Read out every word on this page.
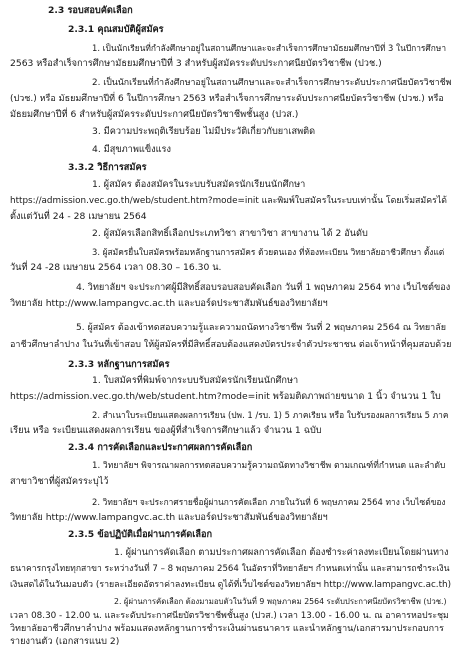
2.3 รอบสอบคัดเลือก
2.3.1 คุณสมบัติผู้สมัคร
1. เป็นนักเรียนที่กำลังศึกษาอยู่ในสถานศึกษาและจะสำเร็จการศึกษามัธยมศึกษาปีที่ 3 ในปีการศึกษา
2563 หรือสำเร็จการศึกษามัธยมศึกษาปีที่ 3 สำหรับผู้สมัครระดับประกาศนียบัตรวิชาชีพ (ปวช.)
2. เป็นนักเรียนที่กำลังศึกษาอยู่ในสถานศึกษาและจะสำเร็จการศึกษาระดับประกาศนียบัตรวิชาชีพ
(ปวช.) หรือ มัธยมศึกษาปีที่ 6 ในปีการศึกษา 2563 หรือสำเร็จการศึกษาระดับประกาศนียบัตรวิชาชีพ (ปวช.) หรือ
มัธยมศึกษาปีที่ 6 สำหรับผู้สมัครระดับประกาศนียบัตรวิชาชีพชั้นสูง (ปวส.)
3. มีความประพฤติเรียบร้อย ไม่มีประวัติเกี่ยวกับยาเสพติด
4. มีสุขภาพแข็งแรง
3.3.2 วิธีการสมัคร
1. ผู้สมัคร ต้องสมัครในระบบรับสมัครนักเรียนนักศึกษา
https://admission.vec.go.th/web/student.htm?mode=init และพิมพ์ใบสมัครในระบบเท่านั้น โดยเริ่มสมัครได้
ตั้งแต่วันที่ 24 - 28 เมษายน 2564
2. ผู้สมัครเลือกสิทธิ์เลือกประเภทวิชา สาขาวิชา สาขางาน ได้ 2 อันดับ
3. ผู้สมัครยื่นใบสมัครพร้อมหลักฐานการสมัคร ด้วยตนเอง ที่ห้องทะเบียน วิทยาลัยอาชีวศึกษา ตั้งแต่
วันที่ 24 -28 เมษายน 2564 เวลา 08.30 – 16.30 น.
4. วิทยาลัยฯ จะประกาศผู้มีสิทธิ์สอบรอบสอบคัดเลือก วันที่ 1 พฤษภาคม 2564 ทาง เว็บไซต์ของ
วิทยาลัย http://www.lampangvc.ac.th และบอร์ดประชาสัมพันธ์ของวิทยาลัยฯ
5. ผู้สมัคร ต้องเข้าทดสอบความรู้และความถนัดทางวิชาชีพ วันที่ 2 พฤษภาคม 2564 ณ วิทยาลัย
อาชีวศึกษาลำปาง ในวันที่เข้าสอบ ให้ผู้สมัครที่มีสิทธิ์สอบต้องแสดงบัตรประจำตัวประชาชน ต่อเจ้าหน้าที่คุมสอบด้วย
2.3.3 หลักฐานการสมัคร
1. ใบสมัครที่พิมพ์จากระบบรับสมัครนักเรียนนักศึกษา
https://admission.vec.go.th/web/student.htm?mode=init พร้อมติดภาพถ่ายขนาด 1 นิ้ว จำนวน 1 ใบ
2. สำเนาใบระเบียนแสดงผลการเรียน (ปพ. 1 /รบ. 1) 5 ภาคเรียน หรือ ใบรับรองผลการเรียน 5 ภาค
เรียน หรือ ระเบียนแสดงผลการเรียน ของผู้ที่สำเร็จการศึกษาแล้ว จำนวน 1 ฉบับ
2.3.4 การคัดเลือกและประกาศผลการคัดเลือก
1. วิทยาลัยฯ พิจารณาผลการทดสอบความรู้ความถนัดทางวิชาชีพ ตามเกณฑ์ที่กำหนด และลำดับ
สาขาวิชาที่ผู้สมัครระบุไว้
2. วิทยาลัยฯ จะประกาศรายชื่อผู้ผ่านการคัดเลือก ภายในวันที่ 6 พฤษภาคม 2564 ทาง เว็บไซต์ของ
วิทยาลัย http://www.lampangvc.ac.th และบอร์ดประชาสัมพันธ์ของวิทยาลัยฯ
2.3.5 ข้อปฏิบัติเมื่อผ่านการคัดเลือก
1. ผู้ผ่านการคัดเลือก ตามประกาศผลการคัดเลือก ต้องชำระค่าลงทะเบียนโดยผ่านทาง
ธนาคารกรุงไทยทุกสาขา ระหว่างวันที่ 7 – 8 พฤษภาคม 2564 ในอัตราที่วิทยาลัยฯ กำหนดเท่านั้น และสามารถชำระเงิน
เงินสดได้ในวันมอบตัว (รายละเอียดอัตราค่าลงทะเบียน ดูได้ที่เว็บไซต์ของวิทยาลัยฯ http://www.lampangvc.ac.th)
2. ผู้ผ่านการคัดเลือก ต้องมามอบตัวในวันที่ 9 พฤษภาคม 2564 ระดับประกาศนียบัตรวิชาชีพ (ปวช.)
เวลา 08.30 - 12.00 น. และระดับประกาศนียบัตรวิชาชีพชั้นสูง (ปวส.) เวลา 13.00 - 16.00 น. ณ อาคารหอประชุม
วิทยาลัยอาชีวศึกษาลำปาง พร้อมแสดงหลักฐานการชำระเงินผ่านธนาคาร และนำหลักฐาน/เอกสารมาประกอบการ
รายงานตัว (เอกสารแนบ 2)
